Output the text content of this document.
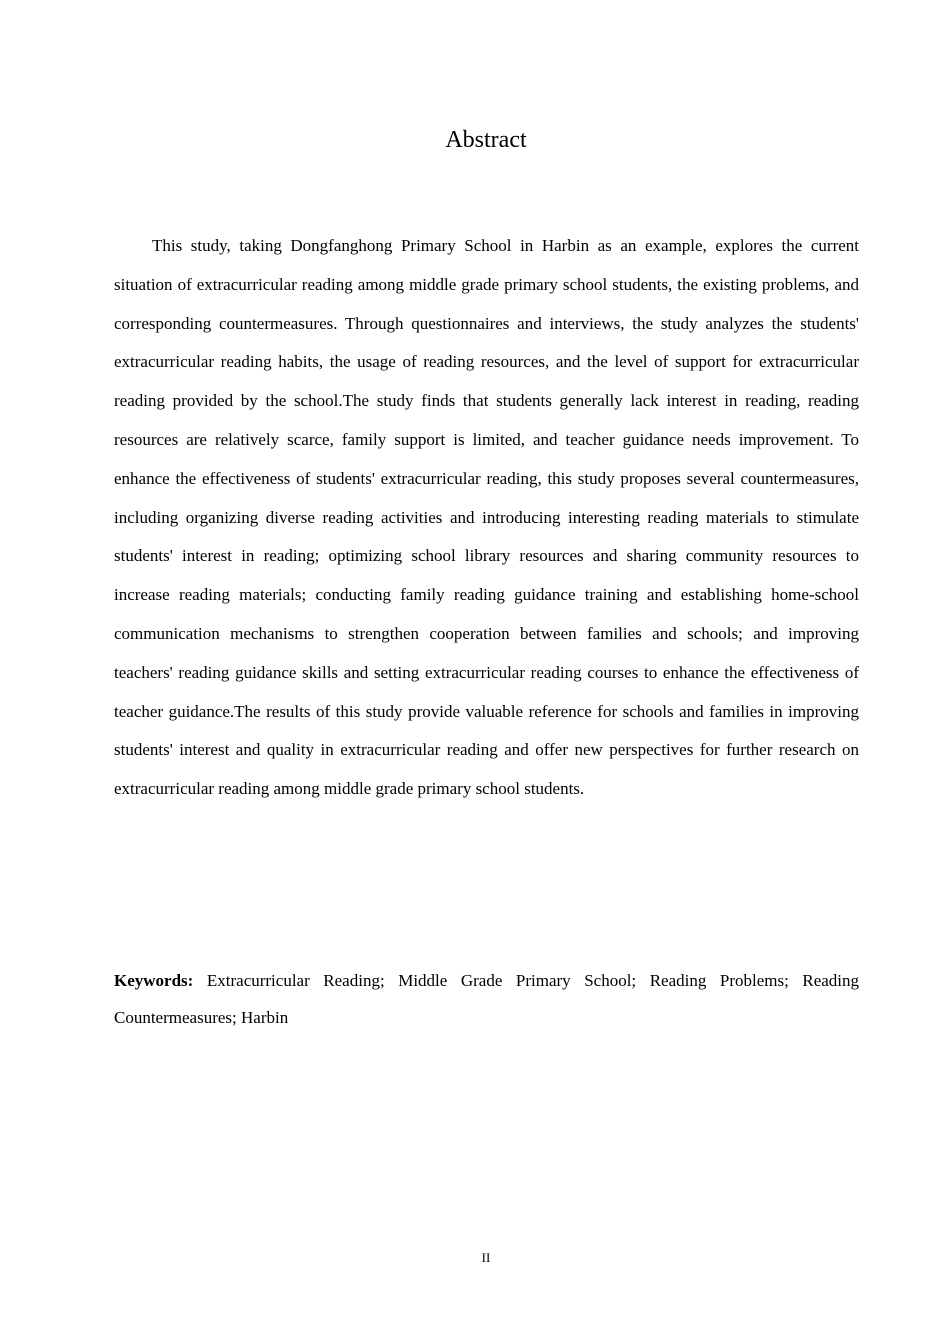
Abstract

This study, taking Dongfanghong Primary School in Harbin as an example, explores the current situation of extracurricular reading among middle grade primary school students, the existing problems, and corresponding countermeasures. Through questionnaires and interviews, the study analyzes the students' extracurricular reading habits, the usage of reading resources, and the level of support for extracurricular reading provided by the school.The study finds that students generally lack interest in reading, reading resources are relatively scarce, family support is limited, and teacher guidance needs improvement. To enhance the effectiveness of students' extracurricular reading, this study proposes several countermeasures, including organizing diverse reading activities and introducing interesting reading materials to stimulate students' interest in reading; optimizing school library resources and sharing community resources to increase reading materials; conducting family reading guidance training and establishing home-school communication mechanisms to strengthen cooperation between families and schools; and improving teachers' reading guidance skills and setting extracurricular reading courses to enhance the effectiveness of teacher guidance.The results of this study provide valuable reference for schools and families in improving students' interest and quality in extracurricular reading and offer new perspectives for further research on extracurricular reading among middle grade primary school students.

Keywords: Extracurricular Reading; Middle Grade Primary School; Reading Problems; Reading Countermeasures; Harbin

II
